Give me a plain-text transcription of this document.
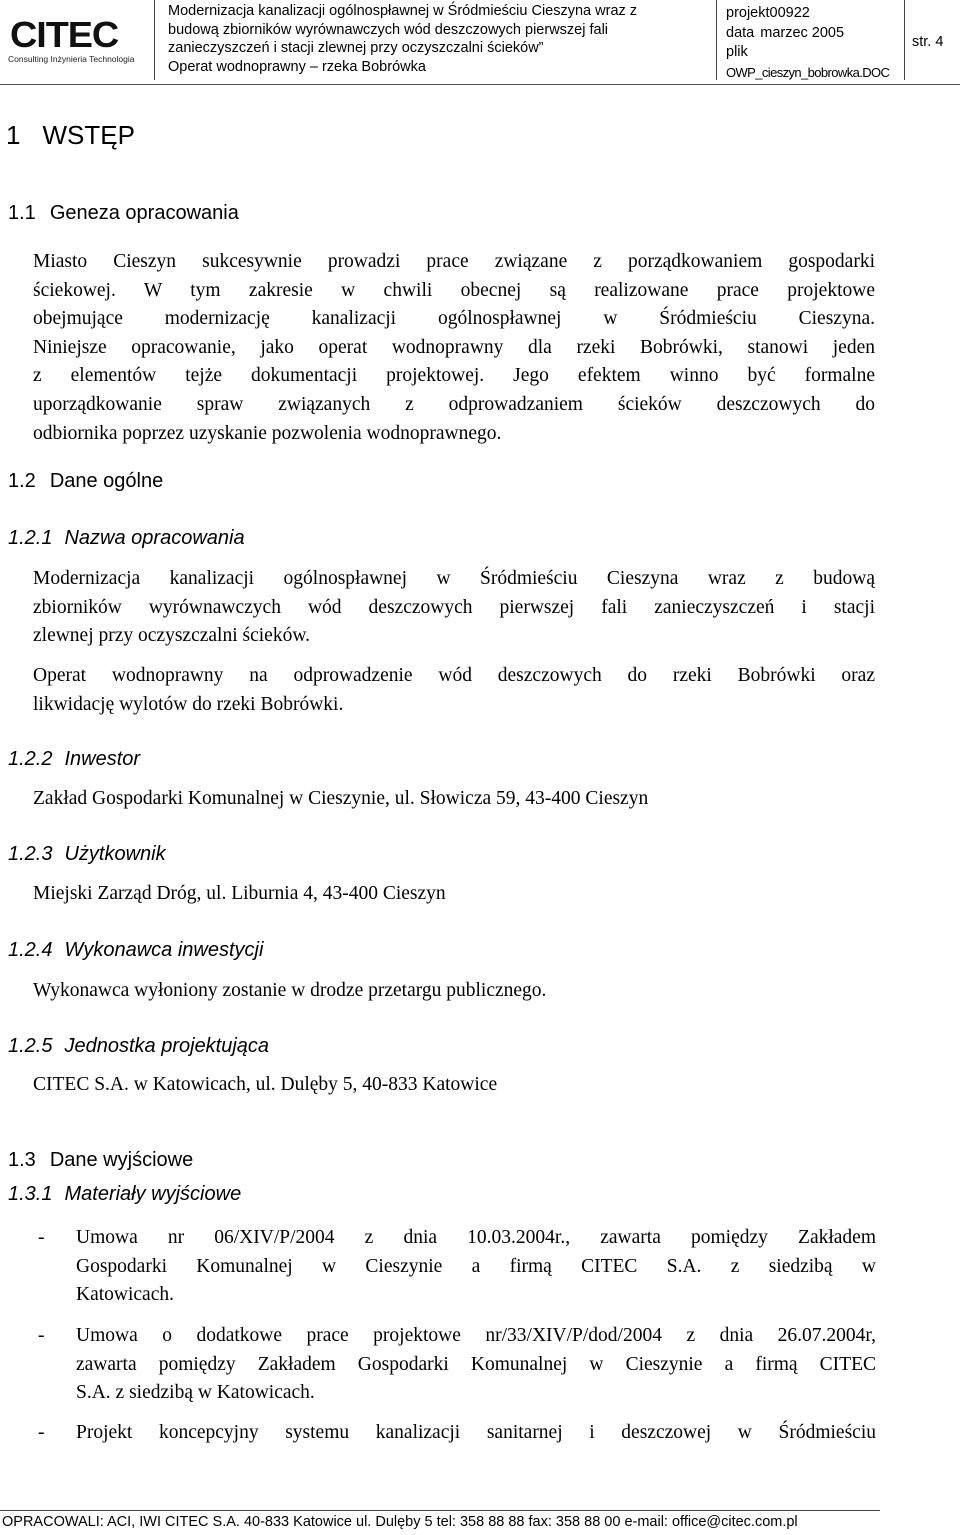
CITEC
Consulting Inżynieria Technologia
Modernizacja kanalizacji ogólnospławnej w Śródmieściu Cieszyna wraz z
budową zbiorników wyrównawczych wód deszczowych pierwszej fali
zanieczyszczeń i stacji zlewnej przy oczyszczalni ścieków”
Operat wodnoprawny – rzeka Bobrówka
projekt00922
data marzec 2005
plik
OWP_cieszyn_bobrowka.DOC
str. 4
1 WSTĘP
1.1 Geneza opracowania
Miasto Cieszyn sukcesywnie prowadzi prace związane z porządkowaniem gospodarki
ściekowej. W tym zakresie w chwili obecnej są realizowane prace projektowe
obejmujące modernizację kanalizacji ogólnospławnej w Śródmieściu Cieszyna.
Niniejsze opracowanie, jako operat wodnoprawny dla rzeki Bobrówki, stanowi jeden
z elementów tejże dokumentacji projektowej. Jego efektem winno być formalne
uporządkowanie spraw związanych z odprowadzaniem ścieków deszczowych do
odbiornika poprzez uzyskanie pozwolenia wodnoprawnego.
1.2 Dane ogólne
1.2.1 Nazwa opracowania
Modernizacja kanalizacji ogólnospławnej w Śródmieściu Cieszyna wraz z budową
zbiorników wyrównawczych wód deszczowych pierwszej fali zanieczyszczeń i stacji
zlewnej przy oczyszczalni ścieków.
Operat wodnoprawny na odprowadzenie wód deszczowych do rzeki Bobrówki oraz
likwidację wylotów do rzeki Bobrówki.
1.2.2 Inwestor
Zakład Gospodarki Komunalnej w Cieszynie, ul. Słowicza 59, 43-400 Cieszyn
1.2.3 Użytkownik
Miejski Zarząd Dróg, ul. Liburnia 4, 43-400 Cieszyn
1.2.4 Wykonawca inwestycji
Wykonawca wyłoniony zostanie w drodze przetargu publicznego.
1.2.5 Jednostka projektująca
CITEC S.A. w Katowicach, ul. Dulęby 5, 40-833 Katowice
1.3 Dane wyjściowe
1.3.1 Materiały wyjściowe
- Umowa nr 06/XIV/P/2004 z dnia 10.03.2004r., zawarta pomiędzy Zakładem
Gospodarki Komunalnej w Cieszynie a firmą CITEC S.A. z siedzibą w
Katowicach.
- Umowa o dodatkowe prace projektowe nr/33/XIV/P/dod/2004 z dnia 26.07.2004r,
zawarta pomiędzy Zakładem Gospodarki Komunalnej w Cieszynie a firmą CITEC
S.A. z siedzibą w Katowicach.
- Projekt koncepcyjny systemu kanalizacji sanitarnej i deszczowej w Śródmieściu
OPRACOWALI: ACI, IWI CITEC S.A. 40-833 Katowice ul. Dulęby 5 tel: 358 88 88 fax: 358 88 00 e-mail: office@citec.com.pl
